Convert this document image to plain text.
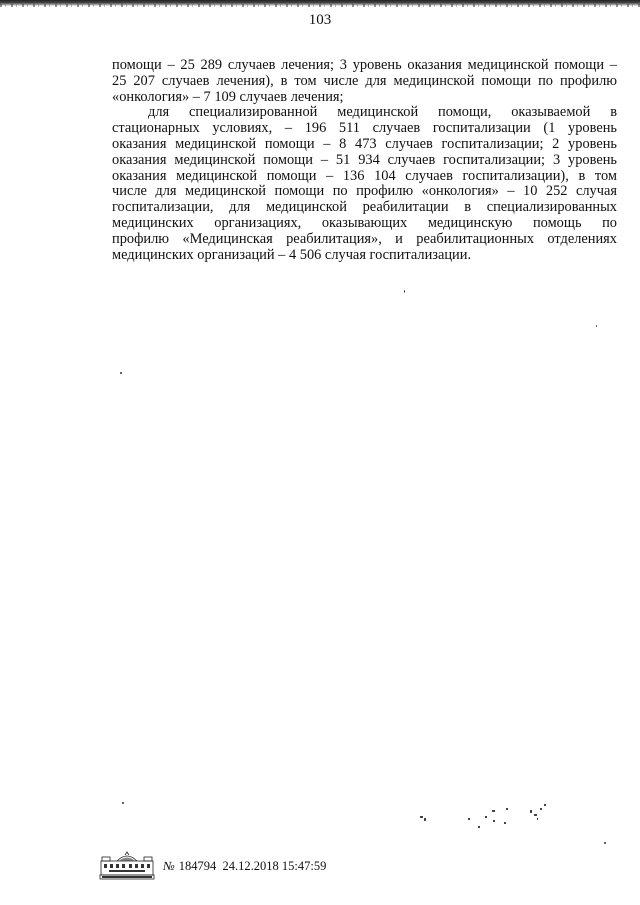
103
помощи – 25 289 случаев лечения; 3 уровень оказания медицинской помощи –
25 207 случаев лечения), в том числе для медицинской помощи по профилю
«онкология» – 7 109 случаев лечения;
для специализированной медицинской помощи, оказываемой в
стационарных условиях, – 196 511 случаев госпитализации (1 уровень
оказания медицинской помощи – 8 473 случаев госпитализации; 2 уровень
оказания медицинской помощи – 51 934 случаев госпитализации; 3 уровень
оказания медицинской помощи – 136 104 случаев госпитализации), в том
числе для медицинской помощи по профилю «онкология» – 10 252 случая
госпитализации, для медицинской реабилитации в специализированных
медицинских организациях, оказывающих медицинскую помощь по
профилю «Медицинская реабилитация», и реабилитационных отделениях
медицинских организаций – 4 506 случая госпитализации.
№ 184794 24.12.2018 15:47:59
